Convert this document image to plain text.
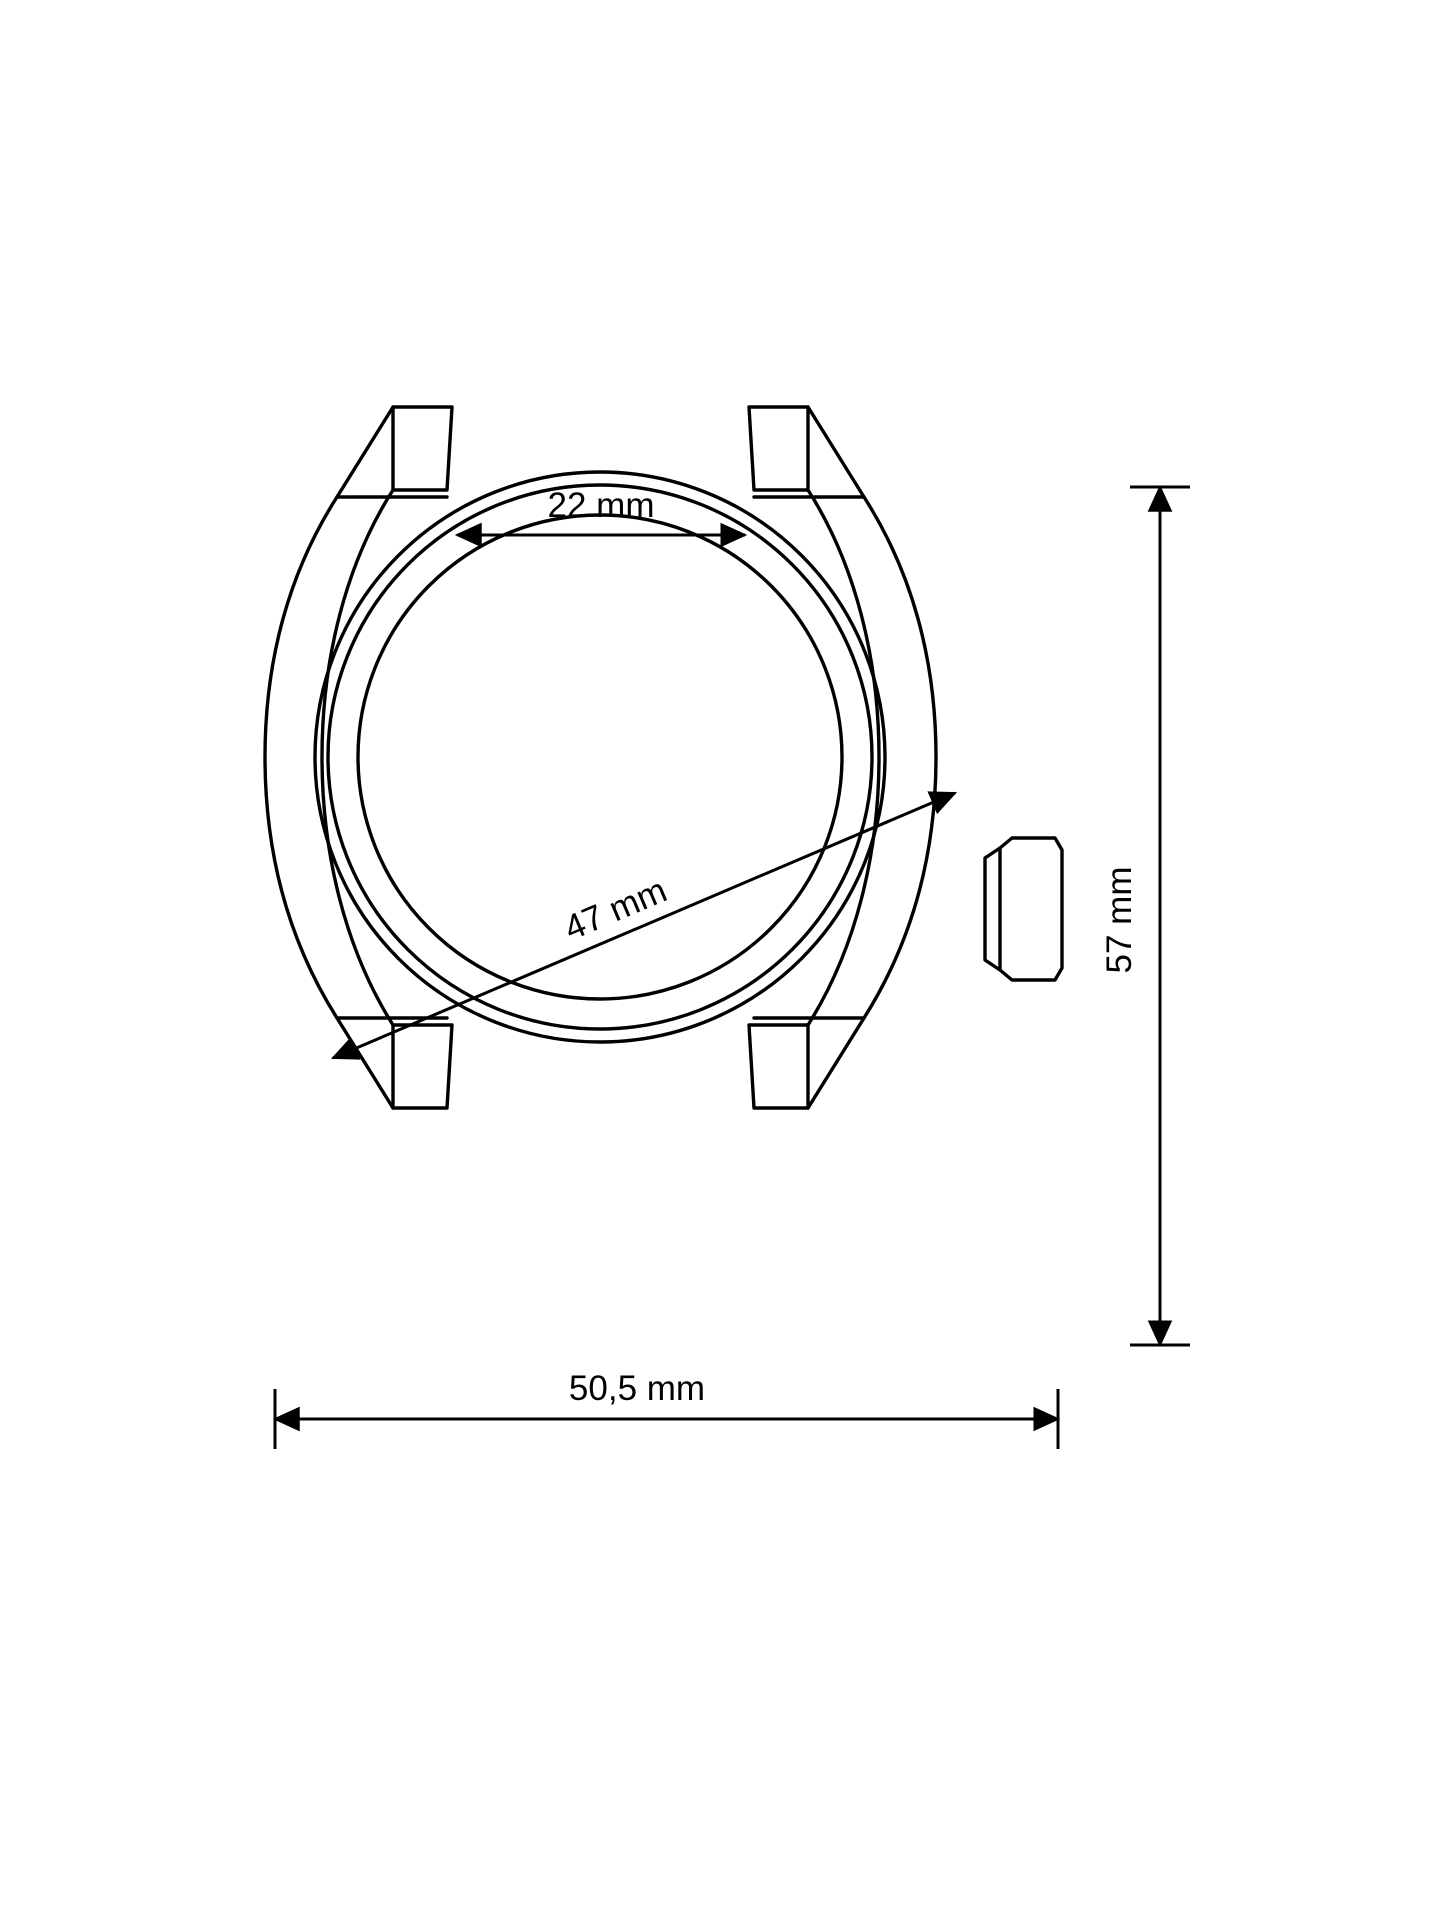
22 mm
47 mm	57 mm
50,5 mm
